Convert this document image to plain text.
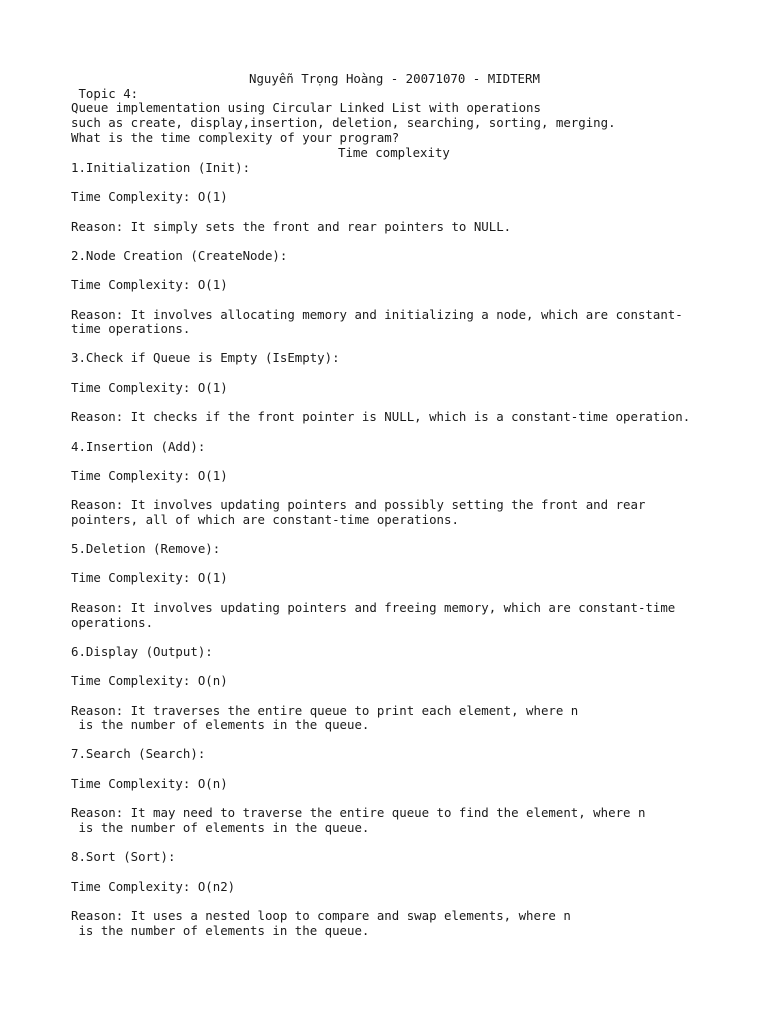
Nguyễn Trọng Hoàng - 20071070 - MIDTERM
Topic 4:
Queue implementation using Circular Linked List with operations
such as create, display,insertion, deletion, searching, sorting, merging.
What is the time complexity of your program?
Time complexity
1.Initialization (Init):
Time Complexity: O(1)
Reason: It simply sets the front and rear pointers to NULL.
2.Node Creation (CreateNode):
Time Complexity: O(1)
Reason: It involves allocating memory and initializing a node, which are constant-
time operations.
3.Check if Queue is Empty (IsEmpty):
Time Complexity: O(1)
Reason: It checks if the front pointer is NULL, which is a constant-time operation.
4.Insertion (Add):
Time Complexity: O(1)
Reason: It involves updating pointers and possibly setting the front and rear
pointers, all of which are constant-time operations.
5.Deletion (Remove):
Time Complexity: O(1)
Reason: It involves updating pointers and freeing memory, which are constant-time
operations.
6.Display (Output):
Time Complexity: O(n)
Reason: It traverses the entire queue to print each element, where n
is the number of elements in the queue.
7.Search (Search):
Time Complexity: O(n)
Reason: It may need to traverse the entire queue to find the element, where n
is the number of elements in the queue.
8.Sort (Sort):
Time Complexity: O(n2)
Reason: It uses a nested loop to compare and swap elements, where n
is the number of elements in the queue.
